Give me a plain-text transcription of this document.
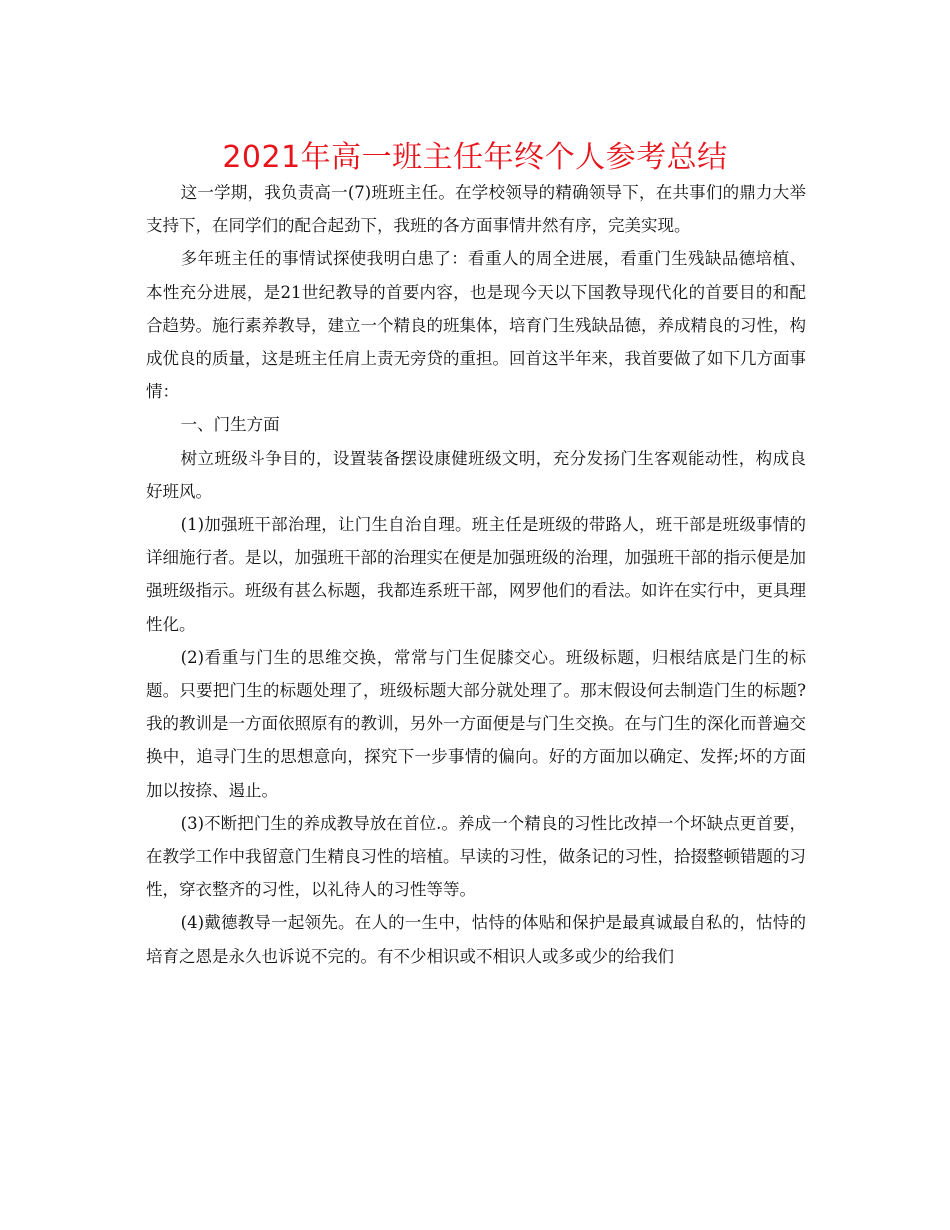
2021年高一班主任年终个人参考总结

这一学期，我负责高一(7)班班主任。在学校领导的精确领导下，在共事们的鼎力大举支持下，在同学们的配合起劲下，我班的各方面事情井然有序，完美实现。

多年班主任的事情试探使我明白患了：看重人的周全进展，看重门生残缺品德培植、本性充分进展，是21世纪教导的首要内容，也是现今天以下国教导现代化的首要目的和配合趋势。施行素养教导，建立一个精良的班集体，培育门生残缺品德，养成精良的习性，构成优良的质量，这是班主任肩上责无旁贷的重担。回首这半年来，我首要做了如下几方面事情：

一、门生方面

树立班级斗争目的，设置装备摆设康健班级文明，充分发扬门生客观能动性，构成良好班风。

(1)加强班干部治理，让门生自治自理。班主任是班级的带路人，班干部是班级事情的详细施行者。是以，加强班干部的治理实在便是加强班级的治理，加强班干部的指示便是加强班级指示。班级有甚么标题，我都连系班干部，网罗他们的看法。如许在实行中，更具理性化。

(2)看重与门生的思维交换，常常与门生促膝交心。班级标题，归根结底是门生的标题。只要把门生的标题处理了，班级标题大部分就处理了。那末假设何去制造门生的标题?我的教训是一方面依照原有的教训，另外一方面便是与门生交换。在与门生的深化而普遍交换中，追寻门生的思想意向，探究下一步事情的偏向。好的方面加以确定、发挥;坏的方面加以按捺、遏止。

(3)不断把门生的养成教导放在首位.。养成一个精良的习性比改掉一个坏缺点更首要，在教学工作中我留意门生精良习性的培植。早读的习性，做条记的习性，拾掇整顿错题的习性，穿衣整齐的习性，以礼待人的习性等等。

(4)戴德教导一起领先。在人的一生中，怙恃的体贴和保护是最真诚最自私的，怙恃的培育之恩是永久也诉说不完的。有不少相识或不相识人或多或少的给我们
